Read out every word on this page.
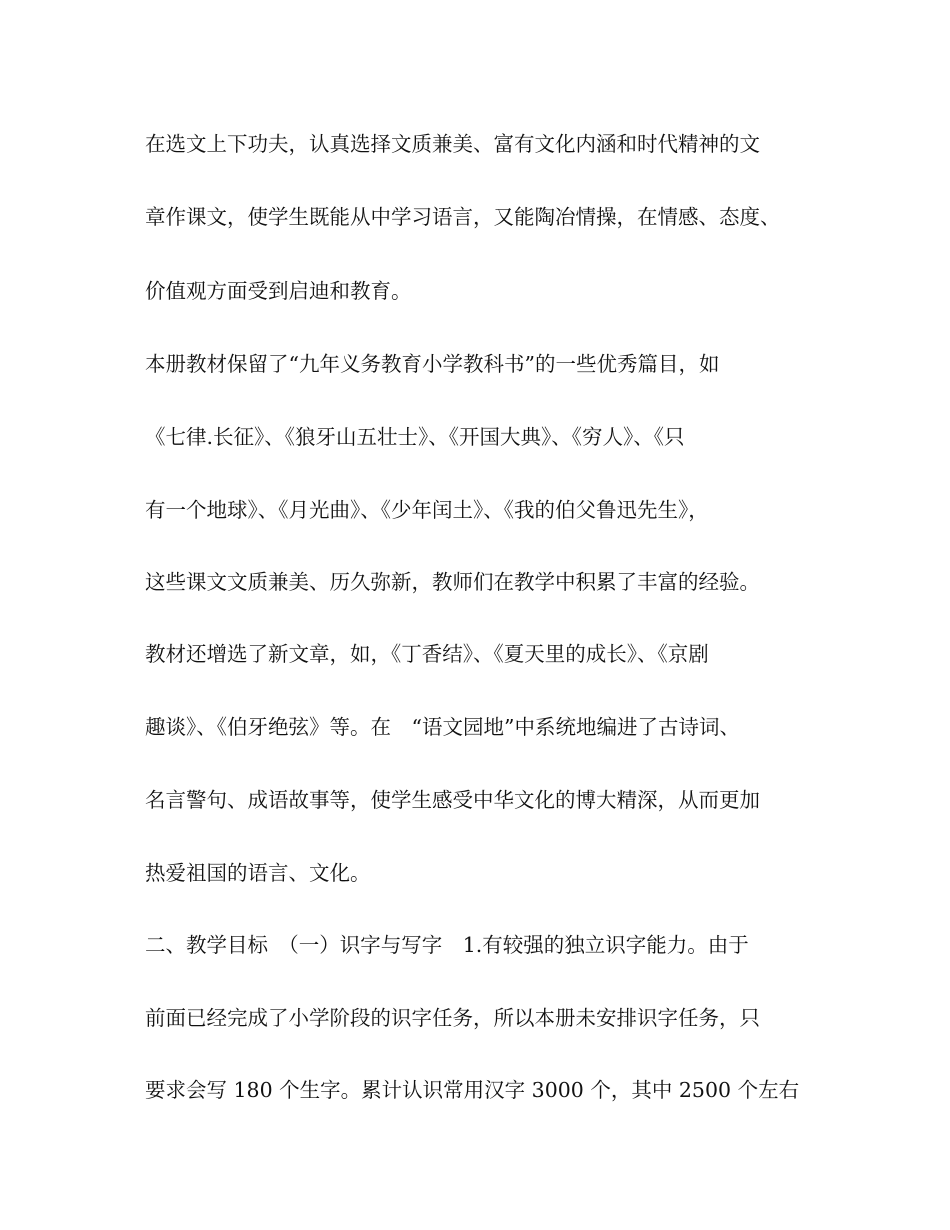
在选文上下功夫，认真选择文质兼美、富有文化内涵和时代精神的文
章作课文，使学生既能从中学习语言，又能陶冶情操，在情感、态度、
价值观方面受到启迪和教育。
本册教材保留了“九年义务教育小学教科书”的一些优秀篇目，如
《七律.长征》、《狼牙山五壮士》、《开国大典》、《穷人》、《只
有一个地球》、《月光曲》、《少年闰土》、《我的伯父鲁迅先生》，
这些课文文质兼美、历久弥新，教师们在教学中积累了丰富的经验。
教材还增选了新文章，如，《丁香结》、《夏天里的成长》、《京剧
趣谈》、《伯牙绝弦》等。在　“语文园地”中系统地编进了古诗词、
名言警句、成语故事等，使学生感受中华文化的博大精深，从而更加
热爱祖国的语言、文化。
二、教学目标　（一）识字与写字　1.有较强的独立识字能力。由于
前面已经完成了小学阶段的识字任务，所以本册未安排识字任务，只
要求会写 180 个生字。累计认识常用汉字 3000 个，其中 2500 个左右
